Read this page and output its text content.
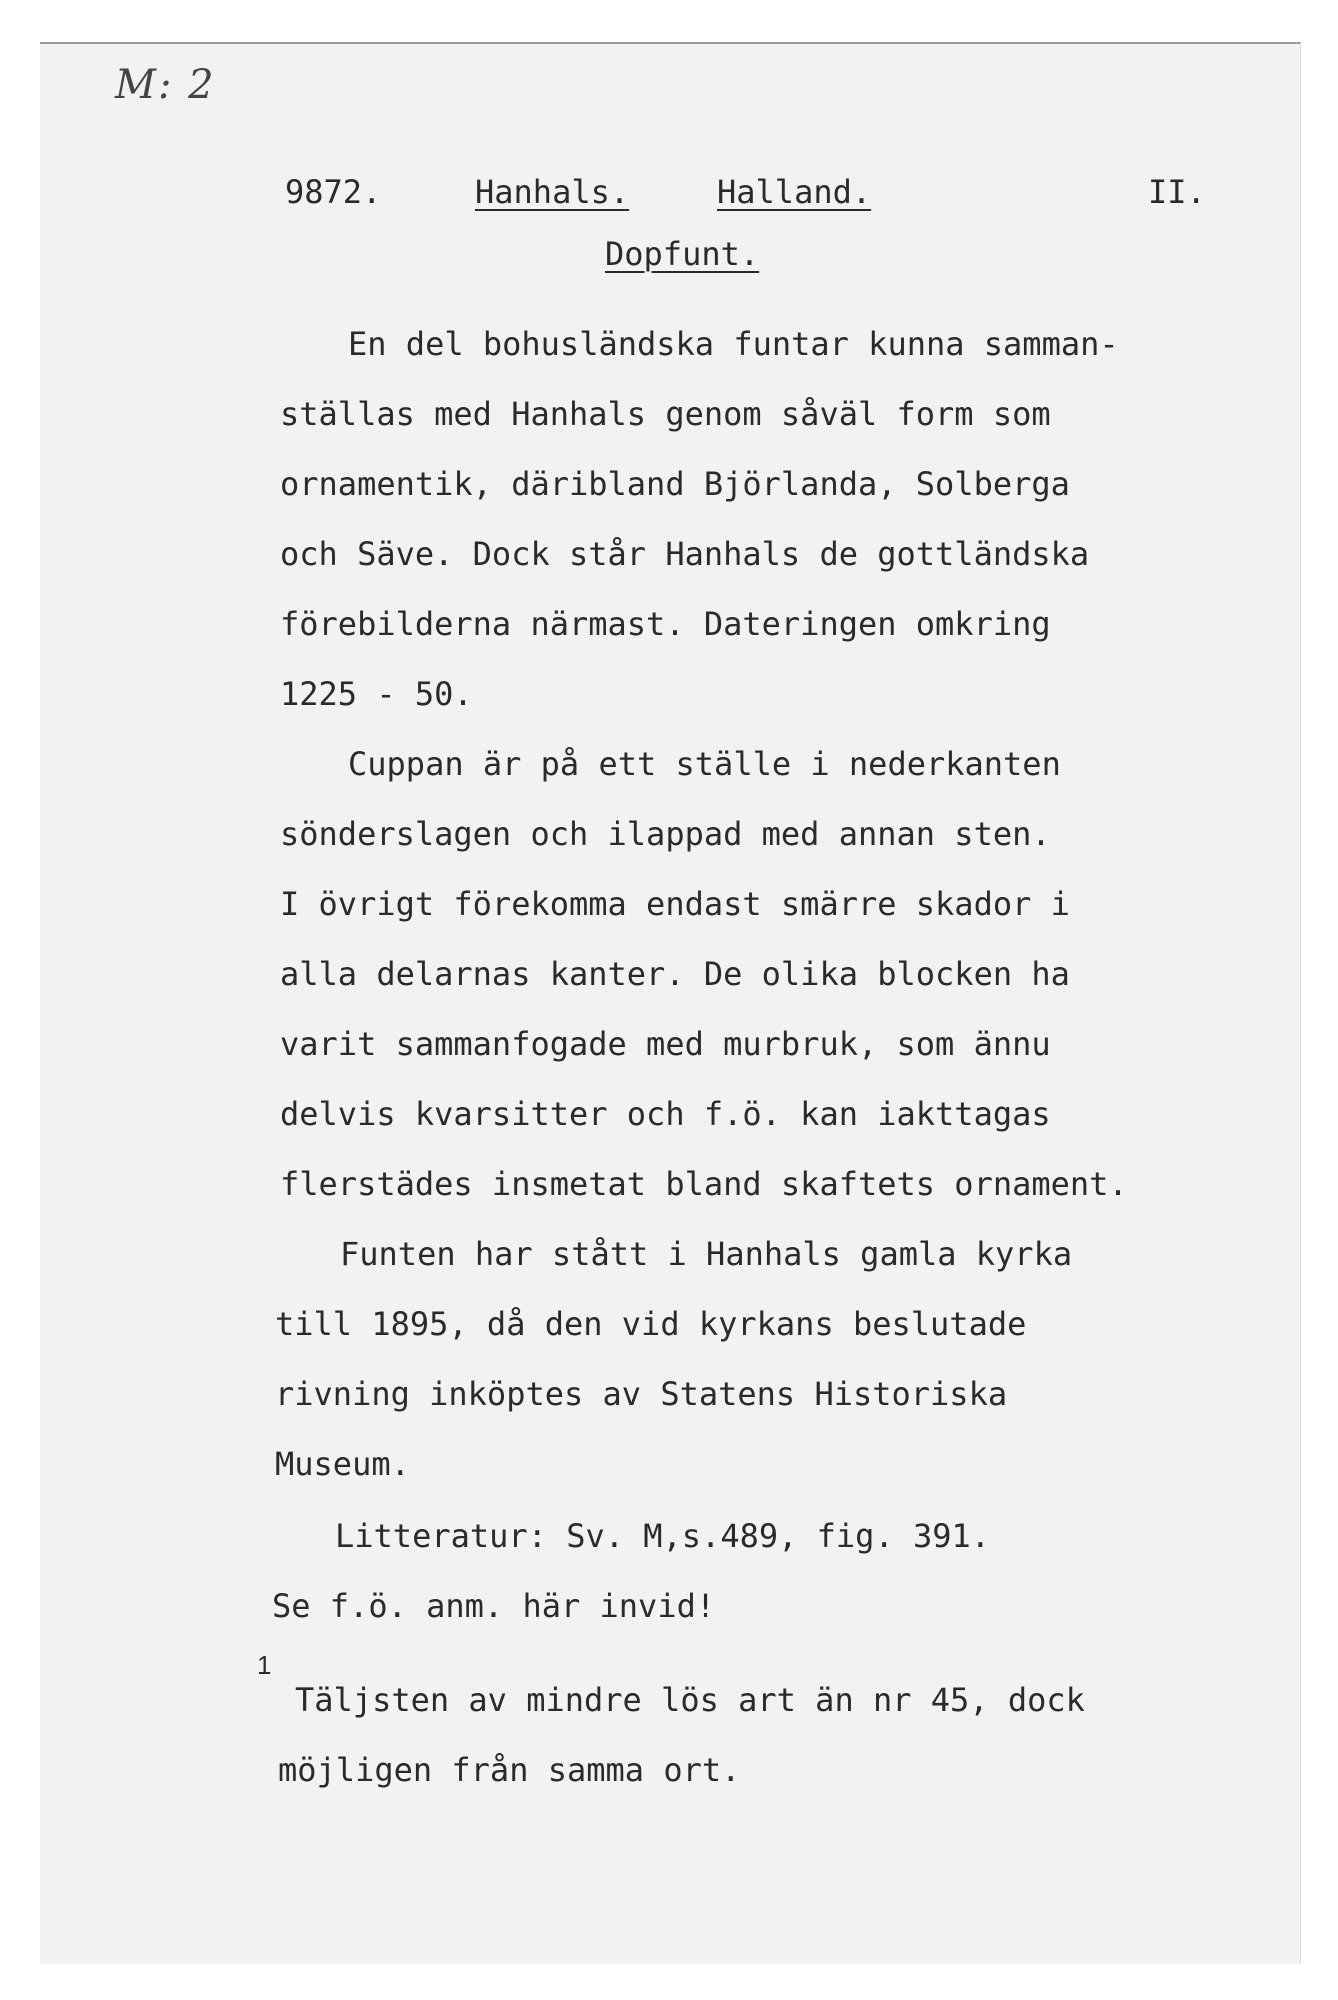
M: 2
9872.	Hanhals.	Halland.	II.
Dopfunt.
En del bohusländska funtar kunna samman-
ställas med Hanhals genom såväl form som
ornamentik, däribland Björlanda, Solberga
och Säve. Dock står Hanhals de gottländska
förebilderna närmast. Dateringen omkring
1225 - 50.
Cuppan är på ett ställe i nederkanten
sönderslagen och ilappad med annan sten.
I övrigt förekomma endast smärre skador i
alla delarnas kanter. De olika blocken ha
varit sammanfogade med murbruk, som ännu
delvis kvarsitter och f.ö. kan iakttagas
flerstädes insmetat bland skaftets ornament.
Funten har stått i Hanhals gamla kyrka
till 1895, då den vid kyrkans beslutade
rivning inköptes av Statens Historiska
Museum.
Litteratur: Sv. M,s.489, fig. 391.
Se f.ö. anm. här invid!
1
Täljsten av mindre lös art än nr 45, dock
möjligen från samma ort.
